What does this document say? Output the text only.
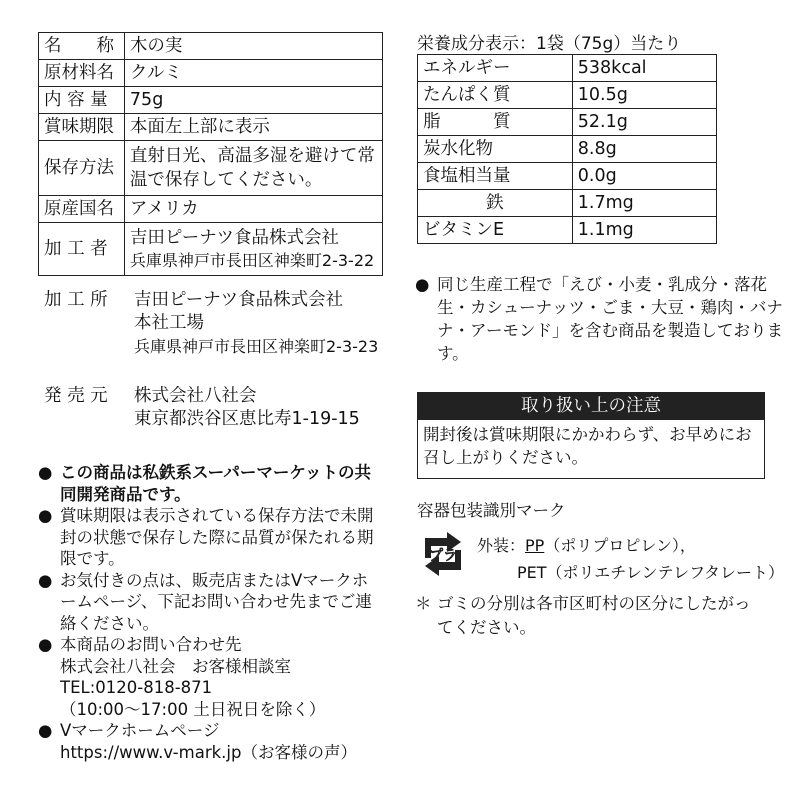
名　　称	木の実
原材料名	クルミ
内 容 量	75g
賞味期限	本面左上部に表示
保存方法	直射日光、高温多湿を避けて常温で保存してください。
原産国名	アメリカ
加 工 者	吉田ピーナツ食品株式会社
兵庫県神戸市長田区神楽町2-3-22
加 工 所	吉田ピーナツ食品株式会社
本社工場
兵庫県神戸市長田区神楽町2-3-23
発 売 元	株式会社八社会
東京都渋谷区恵比寿1-19-15
● この商品は私鉄系スーパーマーケットの共同開発商品です。
● 賞味期限は表示されている保存方法で未開封の状態で保存した際に品質が保たれる期限です。
● お気付きの点は、販売店またはVマークホームページ、下記お問い合わせ先までご連絡ください。
● 本商品のお問い合わせ先
株式会社八社会　お客様相談室
TEL:0120-818-871
（10:00〜17:00 土日祝日を除く）
● Vマークホームページ
https://www.v-mark.jp（お客様の声）
栄養成分表示：1袋（75g）当たり
エネルギー	538kcal

たんぱく質	10.5g

脂　　　質	52.1g

炭水化物	8.8g

食塩相当量	0.0g

鉄	1.7mg

ビタミンE	1.1mg
● 同じ生産工程で「えび・小麦・乳成分・落花生・カシューナッツ・ごま・大豆・鶏肉・バナナ・アーモンド」を含む商品を製造しております。
取り扱い上の注意
開封後は賞味期限にかかわらず、お早めにお召し上がりください。
容器包装識別マーク
プラ
外装：PP（ポリプロピレン），
PET（ポリエチレンテレフタレート）
＊ ゴミの分別は各市区町村の区分にしたがってください。
